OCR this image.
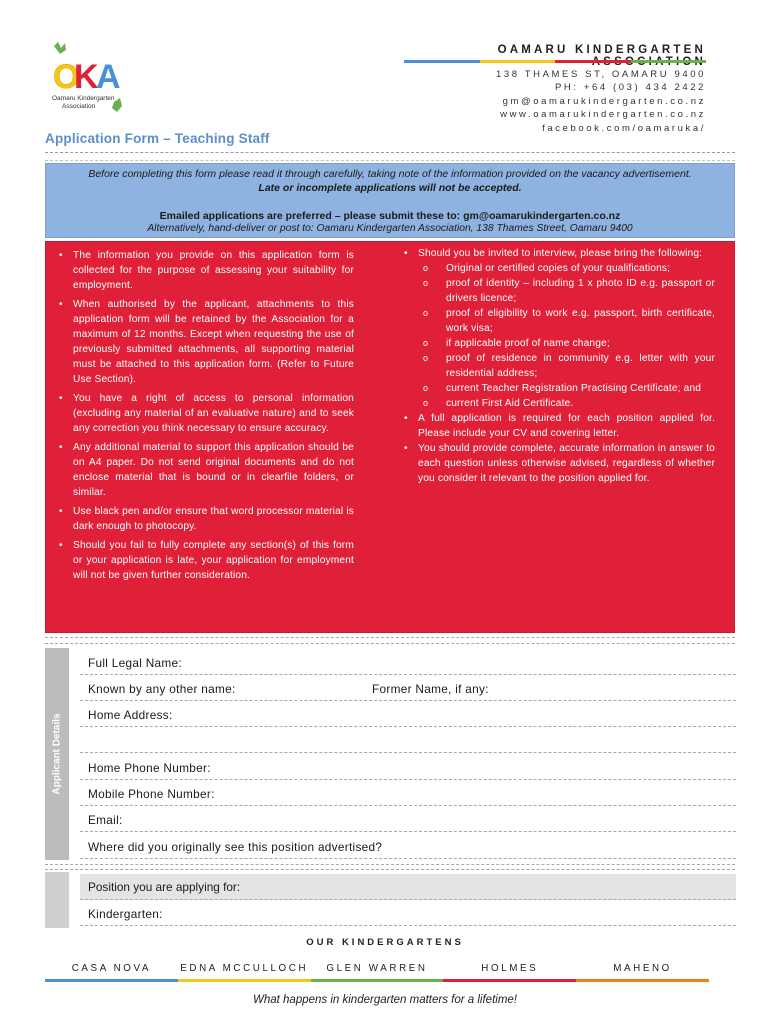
O
K
A
Oamaru Kindergarten
Association
OAMARU KINDERGARTEN
138 THAMES ST, OAMARU 9400
PH: +64 (03) 434 2422
gm@oamarukindergarten.co.nz
www.oamarukindergarten.co.nz
facebook.com/oamaruka/
Application Form – Teaching Staff
Before completing this form please read it through carefully, taking note of the information provided on the vacancy advertisement. Late or incomplete applications will not be accepted.
Emailed applications are preferred – please submit these to: gm@oamarukindergarten.co.nz
Alternatively, hand-deliver or post to: Oamaru Kindergarten Association, 138 Thames Street, Oamaru 9400
• The information you provide on this application form is collected for the purpose of assessing your suitability for employment.
• When authorised by the applicant, attachments to this application form will be retained by the Association for a maximum of 12 months. Except when requesting the use of previously submitted attachments, all supporting material must be attached to this application form. (Refer to Future Use Section).
• You have a right of access to personal information (excluding any material of an evaluative nature) and to seek any correction you think necessary to ensure accuracy.
• Any additional material to support this application should be on A4 paper. Do not send original documents and do not enclose material that is bound or in clearfile folders, or similar.
• Use black pen and/or ensure that word processor material is dark enough to photocopy.
• Should you fail to fully complete any section(s) of this form or your application is late, your application for employment will not be given further consideration.
• Should you be invited to interview, please bring the following:
o Original or certified copies of your qualifications;
o proof of identity – including 1 x photo ID e.g. passport or drivers licence;
o proof of eligibility to work e.g. passport, birth certificate, work visa;
o if applicable proof of name change;
o proof of residence in community e.g. letter with your residential address;
o current Teacher Registration Practising Certificate; and
o current First Aid Certificate.
• A full application is required for each position applied for. Please include your CV and covering letter.
• You should provide complete, accurate information in answer to each question unless otherwise advised, regardless of whether you consider it relevant to the position applied for.
Applicant Details
Full Legal Name:
Known by any other name:	Former Name, if any:
Home Address:
Home Phone Number:
Mobile Phone Number:
Email:
Where did you originally see this position advertised?
Position you are applying for:
Kindergarten:
OUR KINDERGARTENS
CASA NOVA	EDNA MCCULLOCH	GLEN WARREN	HOLMES	MAHENO
What happens in kindergarten matters for a lifetime!
